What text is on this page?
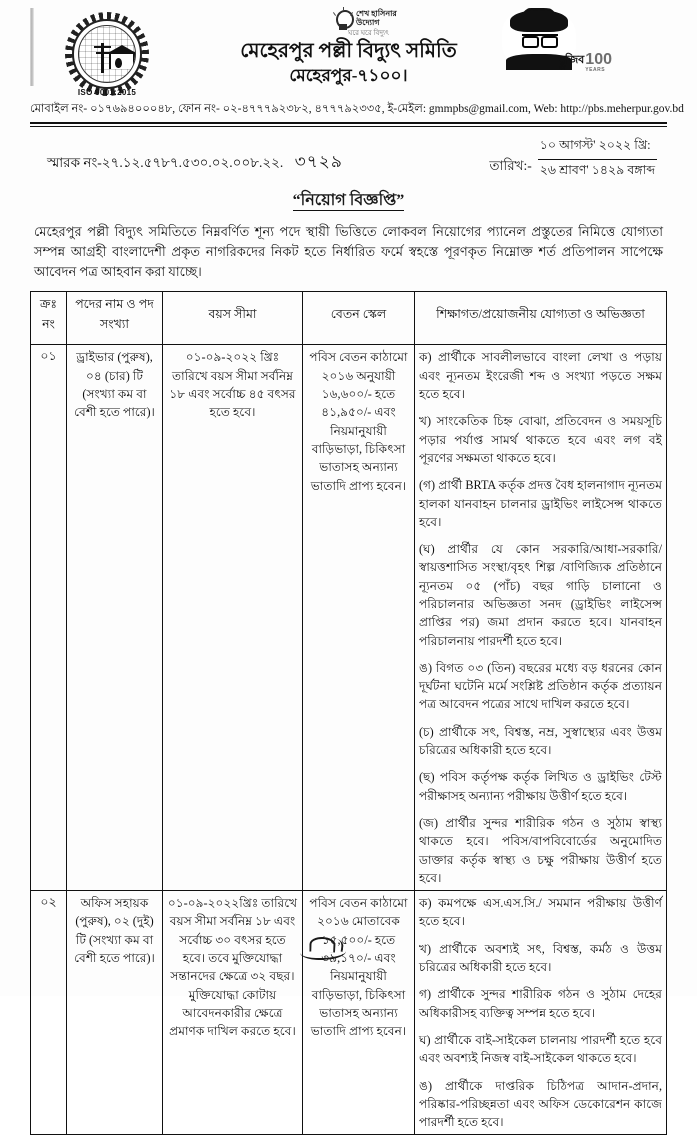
ISO 9001:2015
শেখ হাসিনার
উদ্যোগ
ঘরে ঘরে বিদ্যুৎ
মেহেরপুর পল্লী বিদ্যুৎ সমিতি
মেহেরপুর-৭১০০।
মুজিব
বর্ষ
100
YEARS
মোবাইল নং- ০১৭৬৯৪০০০৪৮, ফোন নং- ০২-৪৭৭৭৯২৩৮২, ৪৭৭৭৯২৩৩৫, ই-মেইল: gmmpbs@gmail.com, Web: http://pbs.meherpur.gov.bd
স্মারক নং-২৭.১২.৫৭৮৭.৫৩০.০২.০০৮.২২. ৩৭২৯	তারিখ:-
১০ আগস্ট' ২০২২ খ্রি:
২৬ শ্রাবণ' ১৪২৯ বঙ্গাব্দ
“নিয়োগ বিজ্ঞপ্তি”
মেহেরপুর পল্লী বিদ্যুৎ সমিতিতে নিম্নবর্ণিত শূন্য পদে স্থায়ী ভিত্তিতে লোকবল নিয়োগের প্যানেল প্রস্তুতের নিমিত্তে যোগ্যতা সম্পন্ন আগ্রহী বাংলাদেশী প্রকৃত নাগরিকদের নিকট হতে নির্ধারিত ফর্মে স্বহস্তে পূরণকৃত নিম্নোক্ত শর্ত প্রতিপালন সাপেক্ষে আবেদন পত্র আহবান করা যাচ্ছে।
ক্রঃ নং	পদের নাম ও পদ সংখ্যা	বয়স সীমা	বেতন স্কেল	শিক্ষাগত/প্রয়োজনীয় যোগ্যতা ও অভিজ্ঞতা
০১	ড্রাইভার (পুরুষ), ০৪ (চার) টি (সংখ্যা কম বা বেশী হতে পারে)।	০১-০৯-২০২২ খ্রিঃ তারিখে বয়স সীমা সর্বনিম্ন ১৮ এবং সর্বোচ্চ ৪৫ বৎসর হতে হবে।	পবিস বেতন কাঠামো ২০১৬ অনুযায়ী ১৬,৬০০/- হতে ৪১,৯৫০/- এবং নিয়মানুযায়ী বাড়িভাড়া, চিকিৎসা ভাতাসহ অন্যান্য ভাতাদি প্রাপ্য হবেন।	

ক) প্রার্থীকে সাবলীলভাবে বাংলা লেখা ও পড়ায় এবং ন্যূনতম ইংরেজী শব্দ ও সংখ্যা পড়তে সক্ষম হতে হবে।

খ) সাংকেতিক চিহ্ন বোঝা, প্রতিবেদন ও সময়সূচি পড়ার পর্যাপ্ত সামর্থ থাকতে হবে এবং লগ বই পূরণের সক্ষমতা থাকতে হবে।

(গ) প্রার্থী BRTA কর্তৃক প্রদত্ত বৈধ হালনাগাদ ন্যূনতম হালকা যানবাহন চালনার ড্রাইভিং লাইসেন্স থাকতে হবে।

(ঘ) প্রার্থীর যে কোন সরকারি/আধা-সরকারি/স্বায়ত্তশাসিত সংস্থা/বৃহৎ শিল্প /বাণিজ্যিক প্রতিষ্ঠানে ন্যূনতম ০৫ (পাঁচ) বছর গাড়ি চালানো ও পরিচালনার অভিজ্ঞতা সনদ (ড্রাইভিং লাইসেন্স প্রাপ্তির পর) জমা প্রদান করতে হবে। যানবাহন পরিচালনায় পারদর্শী হতে হবে।

ঙ) বিগত ০৩ (তিন) বছরের মধ্যে বড় ধরনের কোন দূর্ঘটনা ঘটেনি মর্মে সংশ্লিষ্ট প্রতিষ্ঠান কর্তৃক প্রত্যায়ন পত্র আবেদন পত্রের সাথে দাখিল করতে হবে।

(চ) প্রার্থীকে সৎ, বিশ্বস্ত, নম্র, সুস্বাস্থ্যের এবং উত্তম চরিত্রের অধিকারী হতে হবে।

(ছ) পবিস কর্তৃপক্ষ কর্তৃক লিখিত ও ড্রাইভিং টেস্ট পরীক্ষাসহ অন্যান্য পরীক্ষায় উত্তীর্ণ হতে হবে।

(জ) প্রার্থীর সুন্দর শারীরিক গঠন ও সুঠাম স্বাস্থ্য থাকতে হবে। পবিস/বাপবিবোর্ডের অনুমোদিত ডাক্তার কর্তৃক স্বাস্থ্য ও চক্ষু পরীক্ষায় উত্তীর্ণ হতে হবে।

০২	অফিস সহায়ক (পুরুষ), ০২ (দুই) টি (সংখ্যা কম বা বেশী হতে পারে)।	০১-০৯-২০২২খ্রিঃ তারিখে বয়স সীমা সর্বনিম্ন ১৮ এবং সর্বোচ্চ ৩০ বৎসর হতে হবে। তবে মুক্তিযোদ্ধা সন্তানদের ক্ষেত্রে ৩২ বছর। মুক্তিযোদ্ধা কোটায় আবেদনকারীর ক্ষেত্রে প্রমাণক দাখিল করতে হবে।	পবিস বেতন কাঠামো ২০১৬ মোতাবেক ১৫,৫০০/- হতে ৩৯,১৭০/- এবং নিয়মানুযায়ী বাড়িভাড়া, চিকিৎসা ভাতাসহ অন্যান্য ভাতাদি প্রাপ্য হবেন।	ক) কমপক্ষে এস.এস.সি./ সমমান পরীক্ষায় উত্তীর্ণ হতে হবে।

খ) প্রার্থীকে অবশ্যই সৎ, বিশ্বস্ত, কর্মঠ ও উত্তম চরিত্রের অধিকারী হতে হবে।

গ) প্রার্থীকে সুন্দর শারীরিক গঠন ও সুঠাম দেহের অধিকারীসহ ব্যক্তিত্ব সম্পন্ন হতে হবে।

ঘ) প্রার্থীকে বাই-সাইকেল চালনায় পারদর্শী হতে হবে এবং অবশ্যই নিজস্ব বাই-সাইকেল থাকতে হবে।

ঙ) প্রার্থীকে দাপ্তরিক চিঠিপত্র আদান-প্রদান, পরিষ্কার-পরিচ্ছন্নতা এবং অফিস ডেকোরেশন কাজে পারদর্শী হতে হবে।
